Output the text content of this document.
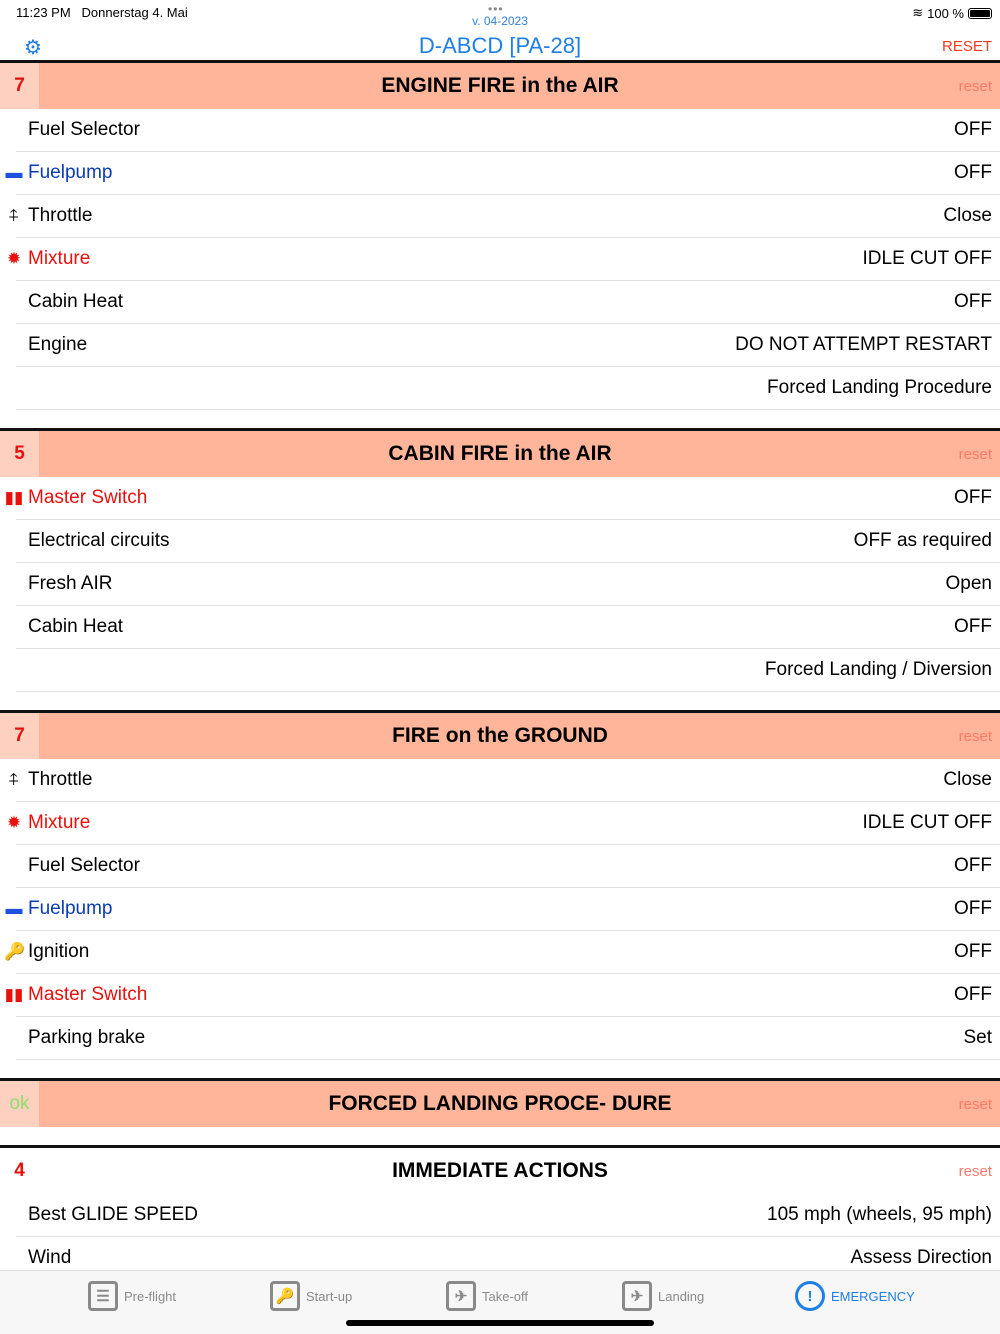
11:23 PM Donnerstag 4. Mai	•••
v. 04-2023
≋ 100 %
⚙	D-ABCD [PA-28]	RESET
7	ENGINE FIRE in the AIR	reset
Fuel Selector	OFF
▬ Fuelpump	OFF
⍏ Throttle	Close
✹ Mixture	IDLE CUT OFF
Cabin Heat	OFF
Engine	DO NOT ATTEMPT RESTART
Forced Landing Procedure
5	CABIN FIRE in the AIR	reset
▮▮ Master Switch	OFF
Electrical circuits	OFF as required
Fresh AIR	Open
Cabin Heat	OFF
Forced Landing / Diversion
7	FIRE on the GROUND	reset
⍏ Throttle	Close
✹ Mixture	IDLE CUT OFF
Fuel Selector	OFF
▬ Fuelpump	OFF
🔑 Ignition	OFF
▮▮ Master Switch	OFF
Parking brake	Set
ok	FORCED LANDING PROCE- DURE	reset
4	IMMEDIATE ACTIONS	reset
Best GLIDE SPEED	105 mph (wheels, 95 mph)
Wind	Assess Direction
☰	Pre-flight	🔑 Start-up	✈	Take-off	✈	Landing	!	EMERGENCY
